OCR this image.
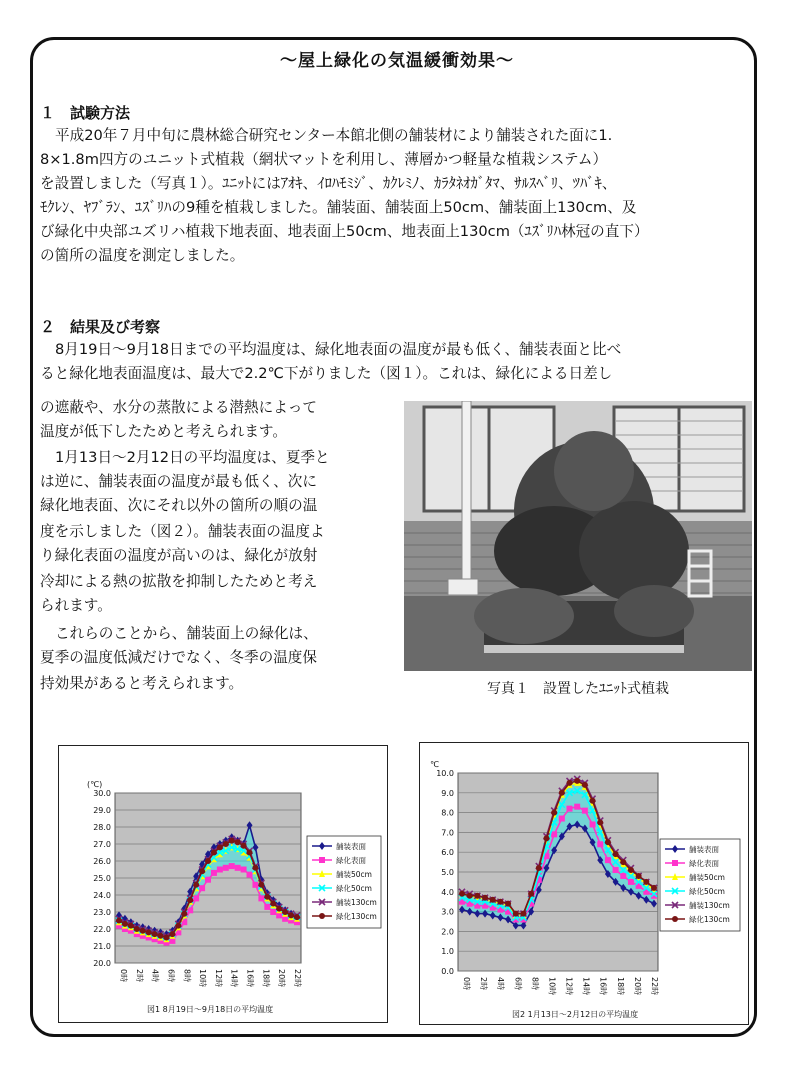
～屋上緑化の気温緩衝効果～
１　試験方法
平成20年７月中旬に農林総合研究センター本館北側の舗装材により舗装された面に1.
8×1.8m四方のユニット式植栽（網状マットを利用し、薄層かつ軽量な植栽システム）
を設置しました（写真１）。ﾕﾆｯﾄにはｱｵｷ、ｲﾛﾊﾓﾐｼﾞ、ｶｸﾚﾐﾉ、ｶﾗﾀﾈｵｶﾞﾀﾏ、ｻﾙｽﾍﾞﾘ、ﾂﾊﾞｷ、
ﾓｸﾚﾝ、ﾔﾌﾞﾗﾝ、ﾕｽﾞﾘﾊの9種を植栽しました。舗装面、舗装面上50cm、舗装面上130cm、及
び緑化中央部ユズリハ植栽下地表面、地表面上50cm、地表面上130cm（ﾕｽﾞﾘﾊ林冠の直下）
の箇所の温度を測定しました。
２　結果及び考察
8月19日～9月18日までの平均温度は、緑化地表面の温度が最も低く、舗装表面と比べ
ると緑化地表面温度は、最大で2.2℃下がりました（図１）。これは、緑化による日差し
の遮蔽や、水分の蒸散による潜熱によって
温度が低下したためと考えられます。
1月13日～2月12日の平均温度は、夏季と
は逆に、舗装表面の温度が最も低く、次に
緑化地表面、次にそれ以外の箇所の順の温
度を示しました（図２）。舗装表面の温度よ
り緑化表面の温度が高いのは、緑化が放射
冷却による熱の拡散を抑制したためと考え
られます。
これらのことから、舗装面上の緑化は、
夏季の温度低減だけでなく、冬季の温度保
持効果があると考えられます。	写真１　設置したﾕﾆｯﾄ式植栽
20.0
21.0
22.0
23.0
24.0
25.0
26.0
27.0
28.0
29.0
30.0
(℃)
0時 2時 4時 6時 8時 10時 12時 14時 16時 18時 20時 22時
舗装表面
緑化表面
舗装50cm
緑化50cm
舗装130cm
緑化130cm
図1 8月19日～9月18日の平均温度
0.0
1.0
2.0
3.0
4.0
5.0
6.0
7.0
8.0
9.0
10.0
℃
0時 2時 4時 6時 8時 10時 12時 14時 16時 18時 20時 22時
舗装表面
緑化表面
舗装50cm
緑化50cm
舗装130cm
緑化130cm
図2 1月13日～2月12日の平均温度
